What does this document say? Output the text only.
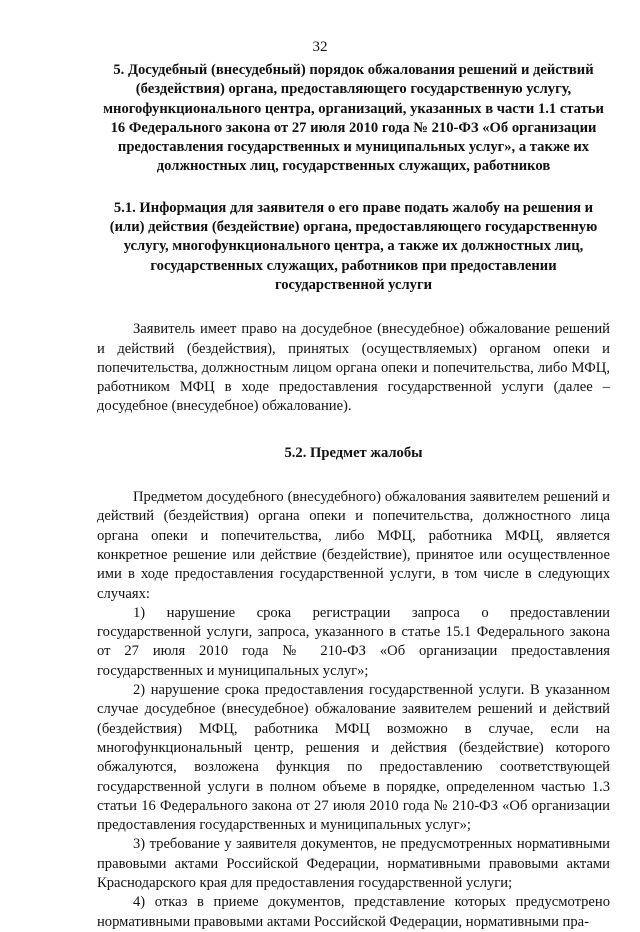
32
5. Досудебный (внесудебный) порядок обжалования решений и действий (бездействия) органа, предоставляющего государственную услугу, многофункционального центра, организаций, указанных в части 1.1 статьи 16 Федерального закона от 27 июля 2010 года № 210-ФЗ «Об организации предоставления государственных и муниципальных услуг», а также их должностных лиц, государственных служащих, работников
5.1. Информация для заявителя о его праве подать жалобу на решения и (или) действия (бездействие) органа, предоставляющего государственную услугу, многофункционального центра, а также их должностных лиц, государственных служащих, работников при предоставлении государственной услуги

Заявитель имеет право на досудебное (внесудебное) обжалование решений и действий (бездействия), принятых (осуществляемых) органом опеки и попечительства, должностным лицом органа опеки и попечительства, либо МФЦ, работником МФЦ в ходе предоставления государственной услуги (далее – досудебное (внесудебное) обжалование).

5.2. Предмет жалобы

Предметом досудебного (внесудебного) обжалования заявителем решений и действий (бездействия) органа опеки и попечительства, должностного лица органа опеки и попечительства, либо МФЦ, работника МФЦ, является конкретное решение или действие (бездействие), принятое или осуществленное ими в ходе предоставления государственной услуги, в том числе в следующих случаях:

1) нарушение срока регистрации запроса о предоставлении государственной услуги, запроса, указанного в статье 15.1 Федерального закона от 27 июля 2010 года № 210-ФЗ «Об организации предоставления государственных и муниципальных услуг»;

2) нарушение срока предоставления государственной услуги. В указанном случае досудебное (внесудебное) обжалование заявителем решений и действий (бездействия) МФЦ, работника МФЦ возможно в случае, если на многофункциональный центр, решения и действия (бездействие) которого обжалуются, возложена функция по предоставлению соответствующей государственной услуги в полном объеме в порядке, определенном частью 1.3 статьи 16 Федерального закона от 27 июля 2010 года № 210-ФЗ «Об организации предоставления государственных и муниципальных услуг»;

3) требование у заявителя документов, не предусмотренных нормативными правовыми актами Российской Федерации, нормативными правовыми актами Краснодарского края для предоставления государственной услуги;

4) отказ в приеме документов, представление которых предусмотрено нормативными правовыми актами Российской Федерации, нормативными пра-
